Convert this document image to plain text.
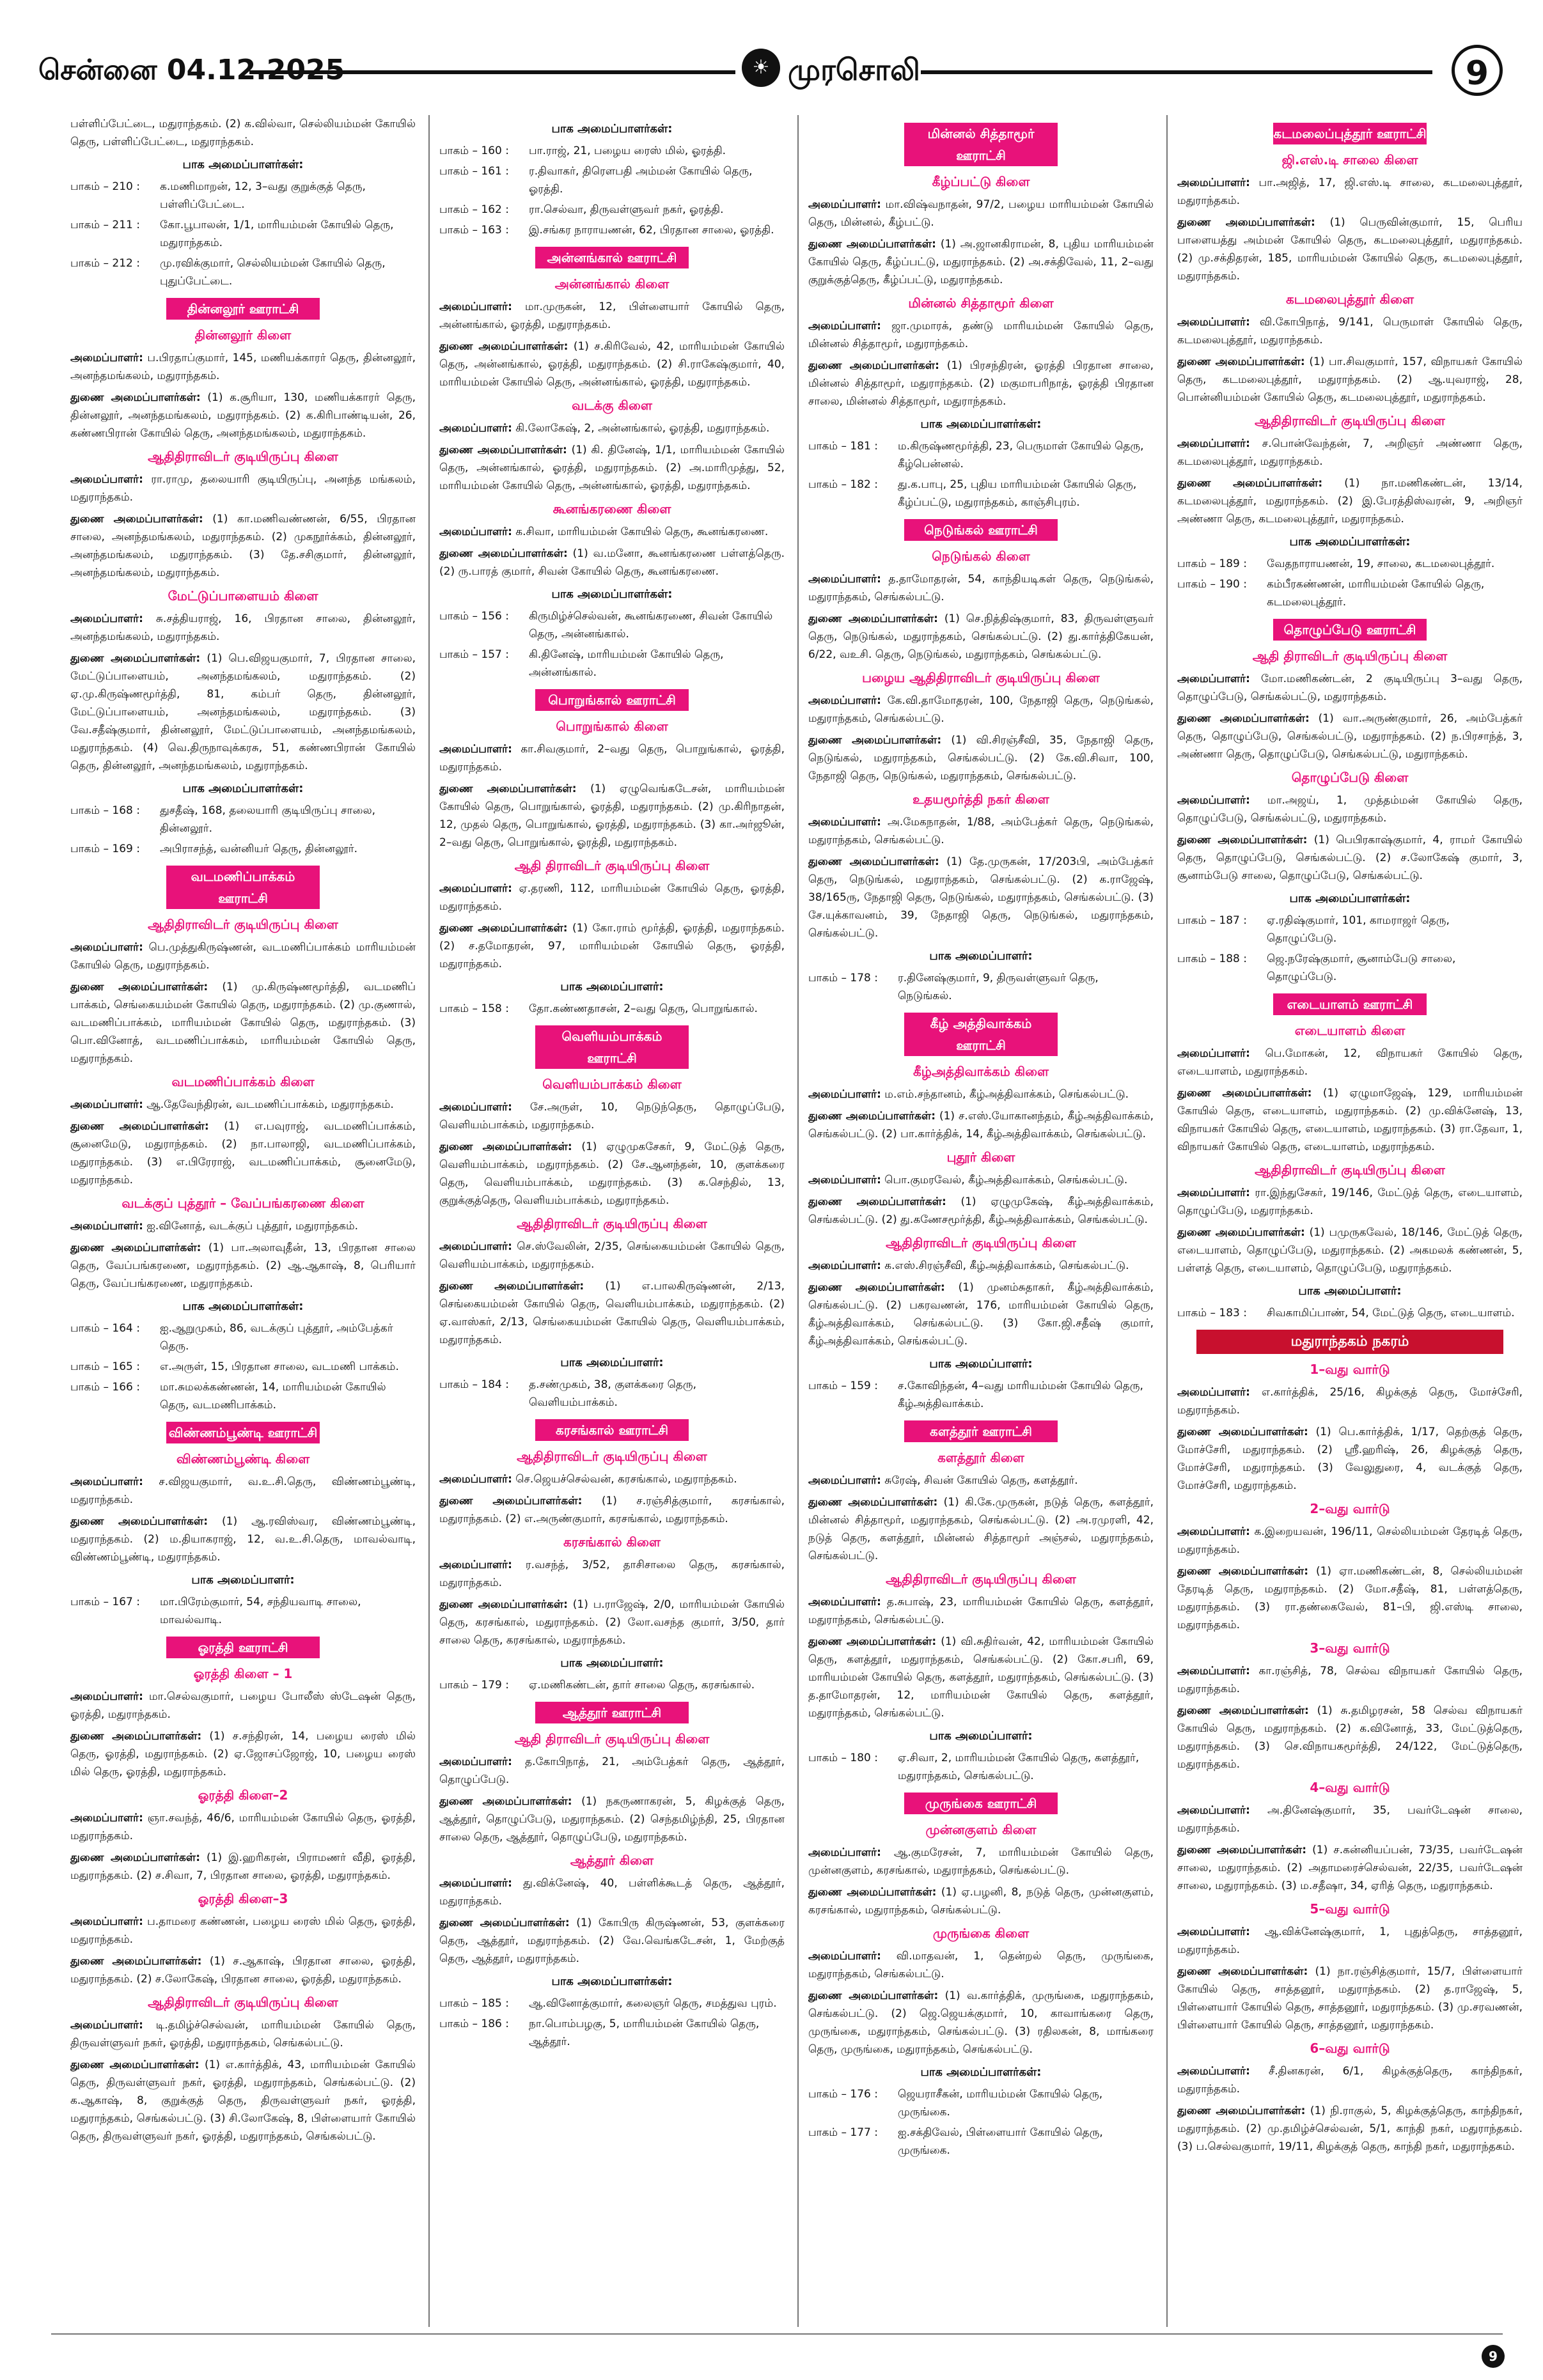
சென்னை 04.12.2025	☀ முரசொலி	9

பள்ளிப்பேட்டை, மதுராந்தகம். (2) க.வில்வா, செல்லியம்மன் கோயில் தெரு, பள்ளிப்பேட்டை, மதுராந்தகம்.

பாக அமைப்பாளர்கள்:
பாகம் – 210 :	க.மணிமாறன், 12, 3–வது குறுக்குத் தெரு, பள்ளிப்பேட்டை.
பாகம் – 211 :	கோ.பூபாலன், 1/1, மாரியம்மன் கோயில் தெரு, மதுராந்தகம்.
பாகம் – 212 :	மு.ரவிக்குமார், செல்லியம்மன் கோயில் தெரு, புதுப்பேட்டை.
தின்னலூர் ஊராட்சி
தின்னலூர் கிளை

அமைப்பாளர்: ப.பிரதாப்குமார், 145, மணியக்காரர் தெரு, தின்னலூர், அனந்தமங்கலம், மதுராந்தகம்.

துணை அமைப்பாளர்கள்: (1) க.சூரியா, 130, மணியக்காரர் தெரு, தின்னலூர், அனந்தமங்கலம், மதுராந்தகம். (2) க.கிரிபாண்டியன், 26, கண்ணபிரான் கோயில் தெரு, அனந்தமங்கலம், மதுராந்தகம்.

ஆதிதிராவிடர் குடியிருப்பு கிளை

அமைப்பாளர்: ரா.ராமு, தலையாரி குடியிருப்பு, அனந்த மங்கலம், மதுராந்தகம்.

துணை அமைப்பாளர்கள்: (1) கா.மணிவண்ணன், 6/55, பிரதான சாலை, அனந்தமங்கலம், மதுராந்தகம். (2) முகநூர்க்கம், தின்னலூர், அனந்தமங்கலம், மதுராந்தகம். (3) தே.சசிகுமார், தின்னலூர், அனந்தமங்கலம், மதுராந்தகம்.

மேட்டுப்பாளையம் கிளை

அமைப்பாளர்: சு.சத்தியராஜ், 16, பிரதான சாலை, தின்னலூர், அனந்தமங்கலம், மதுராந்தகம்.

துணை அமைப்பாளர்கள்: (1) பெ.விஜயகுமார், 7, பிரதான சாலை, மேட்டுப்பாளையம், அனந்தமங்கலம், மதுராந்தகம். (2) ஏ.மு.கிருஷ்ணமூர்த்தி, 81, கம்பர் தெரு, தின்னலூர், மேட்டுப்பாளையம், அனந்தமங்கலம், மதுராந்தகம். (3) வே.சதீஷ்குமார், தின்னலூர், மேட்டுப்பாளையம், அனந்தமங்கலம், மதுராந்தகம். (4) வெ.திருநாவுக்கரசு, 51, கண்ணபிரான் கோயில் தெரு, தின்னலூர், அனந்தமங்கலம், மதுராந்தகம்.

பாக அமைப்பாளர்கள்:
பாகம் – 168 :	துசதீஷ், 168, தலையாரி குடியிருப்பு சாலை, தின்னலூர்.
பாகம் – 169 :	அபிராசந்த், வன்னியர் தெரு, தின்னலூர்.
வடமணிப்பாக்கம் ஊராட்சி
ஆதிதிராவிடர் குடியிருப்பு கிளை

அமைப்பாளர்: பெ.முத்துகிருஷ்ணன், வடமணிப்பாக்கம் மாரியம்மன் கோயில் தெரு, மதுராந்தகம்.

துணை அமைப்பாளர்கள்: (1) மு.கிருஷ்ணமூர்த்தி, வடமணிப் பாக்கம், செங்கையம்மன் கோயில் தெரு, மதுராந்தகம். (2) மு.குணால், வடமணிப்பாக்கம், மாரியம்மன் கோயில் தெரு, மதுராந்தகம். (3) பொ.வினோத், வடமணிப்பாக்கம், மாரியம்மன் கோயில் தெரு, மதுராந்தகம்.

வடமணிப்பாக்கம் கிளை

அமைப்பாளர்: ஆ.தேவேந்திரன், வடமணிப்பாக்கம், மதுராந்தகம்.

துணை அமைப்பாளர்கள்: (1) எ.பவுராஜ், வடமணிப்பாக்கம், சூனைமேடு, மதுராந்தகம். (2) நா.பாலாஜி, வடமணிப்பாக்கம், மதுராந்தகம். (3) எ.பிரேராஜ், வடமணிப்பாக்கம், சூனைமேடு, மதுராந்தகம்.

வடக்குப் புத்தூர் – வேப்பங்கரணை கிளை

அமைப்பாளர்: ஐ.வினோத், வடக்குப் புத்தூர், மதுராந்தகம்.

துணை அமைப்பாளர்கள்: (1) பா.அலாவுதீன், 13, பிரதான சாலை தெரு, வேப்பங்கரணை, மதுராந்தகம். (2) ஆ.ஆகாஷ், 8, பெரியார் தெரு, வேப்பங்கரணை, மதுராந்தகம்.

பாக அமைப்பாளர்கள்:
பாகம் – 164 :	ஐ.ஆறுமுகம், 86, வடக்குப் புத்தூர், அம்பேத்கர் தெரு.
பாகம் – 165 :	எ.அருள், 15, பிரதான சாலை, வடமணி பாக்கம்.
பாகம் – 166 :	மா.சுமலக்கண்ணன், 14, மாரியம்மன் கோயில் தெரு, வடமணிபாக்கம்.
விண்ணம்பூண்டி ஊராட்சி
விண்ணம்பூண்டி கிளை

அமைப்பாளர்: ச.விஜயகுமார், வ.உ.சி.தெரு, விண்ணம்பூண்டி, மதுராந்தகம்.

துணை அமைப்பாளர்கள்: (1) ஆ.ரவிஸ்வர, விண்ணம்பூண்டி, மதுராந்தகம். (2) ம.தியாகராஜ், 12, வ.உ.சி.தெரு, மாவல்வாடி, விண்ணம்பூண்டி, மதுராந்தகம்.

பாக அமைப்பாளர்:
பாகம் – 167 :	மா.பிரேம்குமார், 54, சந்தியவாடி சாலை, மாவல்வாடி.
ஓரத்தி ஊராட்சி
ஓரத்தி கிளை – 1

அமைப்பாளர்: மா.செல்வகுமார், பழைய போலீஸ் ஸ்டேஷன் தெரு, ஓரத்தி, மதுராந்தகம்.

துணை அமைப்பாளர்கள்: (1) ச.சந்திரன், 14, பழைய ரைஸ் மில் தெரு, ஓரத்தி, மதுராந்தகம். (2) ஏ.ஜோசப்ஜோஜ், 10, பழைய ரைஸ் மில் தெரு, ஓரத்தி, மதுராந்தகம்.

ஓரத்தி கிளை–2

அமைப்பாளர்: ஞா.சவந்த், 46/6, மாரியம்மன் கோயில் தெரு, ஓரத்தி, மதுராந்தகம்.

துணை அமைப்பாளர்கள்: (1) இ.ஹரிகரன், பிராமணர் வீதி, ஓரத்தி, மதுராந்தகம். (2) ச.சிவா, 7, பிரதான சாலை, ஓரத்தி, மதுராந்தகம்.

ஓரத்தி கிளை–3

அமைப்பாளர்: ப.தாமரை கண்ணன், பழைய ரைஸ் மில் தெரு, ஓரத்தி, மதுராந்தகம்.

துணை அமைப்பாளர்கள்: (1) ச.ஆகாஷ், பிரதான சாலை, ஓரத்தி, மதுராந்தகம். (2) ச.லோகேஷ், பிரதான சாலை, ஓரத்தி, மதுராந்தகம்.

ஆதிதிராவிடர் குடியிருப்பு கிளை

அமைப்பாளர்: டி.தமிழ்ச்செல்வன், மாரியம்மன் கோயில் தெரு, திருவள்ளுவர் நகர், ஓரத்தி, மதுராந்தகம், செங்கல்பட்டு.

துணை அமைப்பாளர்கள்: (1) எ.கார்த்திக், 43, மாரியம்மன் கோயில் தெரு, திருவள்ளுவர் நகர், ஓரத்தி, மதுராந்தகம், செங்கல்பட்டு. (2) க.ஆகாஷ், 8, குறுக்குத் தெரு, திருவள்ளுவர் நகர், ஓரத்தி, மதுராந்தகம், செங்கல்பட்டு. (3) சி.லோகேஷ், 8, பிள்ளையார் கோயில் தெரு, திருவள்ளுவர் நகர், ஓரத்தி, மதுராந்தகம், செங்கல்பட்டு.

பாக அமைப்பாளர்கள்:
பாகம் – 160 :	பா.ராஜ், 21, பழைய ரைஸ் மில், ஓரத்தி.
பாகம் – 161 :	ர.திவாகர், திரௌபதி அம்மன் கோயில் தெரு, ஓரத்தி.
பாகம் – 162 :	ரா.செல்வா, திருவள்ளுவர் நகர், ஓரத்தி.
பாகம் – 163 :	இ.சங்கர நாராயணன், 62, பிரதான சாலை, ஓரத்தி.
அன்னங்கால் ஊராட்சி
அன்னங்கால் கிளை

அமைப்பாளர்: மா.முருகன், 12, பிள்ளையார் கோயில் தெரு, அன்னங்கால், ஓரத்தி, மதுராந்தகம்.

துணை அமைப்பாளர்கள்: (1) ச.கிரிவேல், 42, மாரியம்மன் கோயில் தெரு, அன்னங்கால், ஓரத்தி, மதுராந்தகம். (2) சி.ராகேஷ்குமார், 40, மாரியம்மன் கோயில் தெரு, அன்னங்கால், ஓரத்தி, மதுராந்தகம்.

வடக்கு கிளை

அமைப்பாளர்: கி.லோகேஷ், 2, அன்னங்கால், ஓரத்தி, மதுராந்தகம்.

துணை அமைப்பாளர்கள்: (1) கி. தினேஷ், 1/1, மாரியம்மன் கோயில் தெரு, அன்னங்கால், ஓரத்தி, மதுராந்தகம். (2) அ.மாரிமுத்து, 52, மாரியம்மன் கோயில் தெரு, அன்னங்கால், ஓரத்தி, மதுராந்தகம்.

கூனங்கரணை கிளை

அமைப்பாளர்: க.சிவா, மாரியம்மன் கோயில் தெரு, கூனங்கரணை.

துணை அமைப்பாளர்கள்: (1) வ.மனோ, கூனங்கரணை பள்ளத்தெரு. (2) ரு.பாரத் குமார், சிவன் கோயில் தெரு, கூனங்கரணை.

பாக அமைப்பாளர்கள்:
பாகம் – 156 :	கிருமிழ்ச்செல்வன், கூனங்கரணை, சிவன் கோயில் தெரு, அன்னங்கால்.
பாகம் – 157 :	கி.தினேஷ், மாரியம்மன் கோயில் தெரு, அன்னங்கால்.
பொறுங்கால் ஊராட்சி
பொறுங்கால் கிளை

அமைப்பாளர்: கா.சிவகுமார், 2–வது தெரு, பொறுங்கால், ஓரத்தி, மதுராந்தகம்.

துணை அமைப்பாளர்கள்: (1) ஏழுவெங்கடேசன், மாரியம்மன் கோயில் தெரு, பொறுங்கால், ஓரத்தி, மதுராந்தகம். (2) மு.கிரிநாதன், 12, முதல் தெரு, பொறுங்கால், ஓரத்தி, மதுராந்தகம். (3) கா.அர்ஜூன், 2–வது தெரு, பொறுங்கால், ஓரத்தி, மதுராந்தகம்.

ஆதி திராவிடர் குடியிருப்பு கிளை

அமைப்பாளர்: ஏ.தரணி, 112, மாரியம்மன் கோயில் தெரு, ஓரத்தி, மதுராந்தகம்.

துணை அமைப்பாளர்கள்: (1) கோ.ராம் மூர்த்தி, ஓரத்தி, மதுராந்தகம். (2) ச.தமோதரன், 97, மாரியம்மன் கோயில் தெரு, ஓரத்தி, மதுராந்தகம்.

பாக அமைப்பாளர்:
பாகம் – 158 :	தோ.கண்ணதாசன், 2–வது தெரு, பொறுங்கால்.
வெளியம்பாக்கம் ஊராட்சி
வெளியம்பாக்கம் கிளை

அமைப்பாளர்: சே.அருள், 10, நெடுந்தெரு, தொழுப்பேடு, வெளியம்பாக்கம், மதுராந்தகம்.

துணை அமைப்பாளர்கள்: (1) ஏழுமுகசேகர், 9, மேட்டுத் தெரு, வெளியம்பாக்கம், மதுராந்தகம். (2) சே.ஆனந்தன், 10, குளக்கரை தெரு, வெளியம்பாக்கம், மதுராந்தகம். (3) க.செந்தில், 13, குறுக்குத்தெரு, வெளியம்பாக்கம், மதுராந்தகம்.

ஆதிதிராவிடர் குடியிருப்பு கிளை

அமைப்பாளர்: செ.ஸ்வேலின், 2/35, செங்கையம்மன் கோயில் தெரு, வெளியம்பாக்கம், மதுராந்தகம்.

துணை அமைப்பாளர்கள்: (1) எ.பாலகிருஷ்ணன், 2/13, செங்கையம்மன் கோயில் தெரு, வெளியம்பாக்கம், மதுராந்தகம். (2) ஏ.வாஸ்கர், 2/13, செங்கையம்மன் கோயில் தெரு, வெளியம்பாக்கம், மதுராந்தகம்.

பாக அமைப்பாளர்:
பாகம் – 184 :	த.சண்முகம், 38, குளக்கரை தெரு, வெளியம்பாக்கம்.
கரசங்கால் ஊராட்சி
ஆதிதிராவிடர் குடியிருப்பு கிளை

அமைப்பாளர்: செ.ஜெயச்செல்வன், கரசங்கால், மதுராந்தகம்.

துணை அமைப்பாளர்கள்: (1) ச.ரஞ்சித்குமார், கரசங்கால், மதுராந்தகம். (2) எ.அருண்குமார், கரசங்கால், மதுராந்தகம்.

கரசங்கால் கிளை

அமைப்பாளர்: ர.வசந்த், 3/52, தாசிசாலை தெரு, கரசங்கால், மதுராந்தகம்.

துணை அமைப்பாளர்கள்: (1) ப.ராஜேஷ், 2/0, மாரியம்மன் கோயில் தெரு, கரசங்கால், மதுராந்தகம். (2) லோ.வசந்த குமார், 3/50, தார் சாலை தெரு, கரசங்கால், மதுராந்தகம்.

பாக அமைப்பாளர்:
பாகம் – 179 :	ஏ.மணிகண்டன், தார் சாலை தெரு, கரசங்கால்.
ஆத்தூர் ஊராட்சி
ஆதி திராவிடர் குடியிருப்பு கிளை

அமைப்பாளர்: த.கோபிநாத், 21, அம்பேத்கர் தெரு, ஆத்தூர், தொழுப்பேடு.

துணை அமைப்பாளர்கள்: (1) நகருணாகரன், 5, கிழக்குத் தெரு, ஆத்தூர், தொழுப்பேடு, மதுராந்தகம். (2) செந்தமிழ்ந்தி, 25, பிரதான சாலை தெரு, ஆத்தூர், தொழுப்பேடு, மதுராந்தகம்.

ஆத்தூர் கிளை

அமைப்பாளர்: து.விக்னேஷ், 40, பள்ளிக்கூடத் தெரு, ஆத்தூர், மதுராந்தகம்.

துணை அமைப்பாளர்கள்: (1) கோபிரு கிருஷ்ணன், 53, குளக்கரை தெரு, ஆத்தூர், மதுராந்தகம். (2) வே.வெங்கடேசன், 1, மேற்குத் தெரு, ஆத்தூர், மதுராந்தகம்.

பாக அமைப்பாளர்கள்:
பாகம் – 185 :	ஆ.வினோத்குமார், கலைஞர் தெரு, சமத்துவ புரம்.
பாகம் – 186 :	நா.பொம்பழகு, 5, மாரியம்மன் கோயில் தெரு, ஆத்தூர்.
மின்னல் சித்தாமூர் ஊராட்சி
கீழ்ப்பட்டு கிளை

அமைப்பாளர்: மா.விஷ்வநாதன், 97/2, பழைய மாரியம்மன் கோயில் தெரு, மின்னல், கீழ்பட்டு.

துணை அமைப்பாளர்கள்: (1) அ.ஜானகிராமன், 8, புதிய மாரியம்மன் கோயில் தெரு, கீழ்ப்பட்டு, மதுராந்தகம். (2) அ.சக்திவேல், 11, 2–வது குறுக்குத்தெரு, கீழ்ப்பட்டு, மதுராந்தகம்.

மின்னல் சித்தாமூர் கிளை

அமைப்பாளர்: ஜா.முமாரக், தண்டு மாரியம்மன் கோயில் தெரு, மின்னல் சித்தாமூர், மதுராந்தகம்.

துணை அமைப்பாளர்கள்: (1) பிரசந்திரன், ஓரத்தி பிரதான சாலை, மின்னல் சித்தாமூர், மதுராந்தகம். (2) மகுமாபரிநாத், ஓரத்தி பிரதான சாலை, மின்னல் சித்தாமூர், மதுராந்தகம்.

பாக அமைப்பாளர்கள்:
பாகம் – 181 :	ம.கிருஷ்ணமூர்த்தி, 23, பெருமாள் கோயில் தெரு, கீழ்பென்னல்.
பாகம் – 182 :	து.க.பாபு, 25, புதிய மாரியம்மன் கோயில் தெரு, கீழ்ப்பட்டு, மதுராந்தகம், காஞ்சிபுரம்.
நெடுங்கல் ஊராட்சி
நெடுங்கல் கிளை

அமைப்பாளர்: த.தாமோதரன், 54, காந்தியடிகள் தெரு, நெடுங்கல், மதுராந்தகம், செங்கல்பட்டு.

துணை அமைப்பாளர்கள்: (1) செ.நித்திஷ்குமார், 83, திருவள்ளுவர் தெரு, நெடுங்கல், மதுராந்தகம், செங்கல்பட்டு. (2) து.கார்த்திகேயன், 6/22, வஉசி. தெரு, நெடுங்கல், மதுராந்தகம், செங்கல்பட்டு.

பழைய ஆதிதிராவிடர் குடியிருப்பு கிளை

அமைப்பாளர்: கே.வி.தாமோதரன், 100, நேதாஜி தெரு, நெடுங்கல், மதுராந்தகம், செங்கல்பட்டு.

துணை அமைப்பாளர்கள்: (1) வி.சிரஞ்சீவி, 35, நேதாஜி தெரு, நெடுங்கல், மதுராந்தகம், செங்கல்பட்டு. (2) கே.வி.சிவா, 100, நேதாஜி தெரு, நெடுங்கல், மதுராந்தகம், செங்கல்பட்டு.

உதயமூர்த்தி நகர் கிளை

அமைப்பாளர்: அ.மேகநாதன், 1/88, அம்பேத்கர் தெரு, நெடுங்கல், மதுராந்தகம், செங்கல்பட்டு.

துணை அமைப்பாளர்கள்: (1) தே.முருகன், 17/203பி, அம்பேத்கர் தெரு, நெடுங்கல், மதுராந்தகம், செங்கல்பட்டு. (2) க.ராஜேஷ், 38/165ரு, நேதாஜி தெரு, நெடுங்கல், மதுராந்தகம், செங்கல்பட்டு. (3) சே.யுக்காவனம், 39, நேதாஜி தெரு, நெடுங்கல், மதுராந்தகம், செங்கல்பட்டு.

பாக அமைப்பாளர்:
பாகம் – 178 :	ர.தினேஷ்குமார், 9, திருவள்ளுவர் தெரு, நெடுங்கல்.
கீழ் அத்திவாக்கம் ஊராட்சி
கீழ்அத்திவாக்கம் கிளை

அமைப்பாளர்: ம.எம்.சந்தானம், கீழ்அத்திவாக்கம், செங்கல்பட்டு.

துணை அமைப்பாளர்கள்: (1) ச.எஸ்.யோகானந்தம், கீழ்அத்திவாக்கம், செங்கல்பட்டு. (2) பா.கார்த்திக், 14, கீழ்அத்திவாக்கம், செங்கல்பட்டு.

புதூர் கிளை

அமைப்பாளர்: பொ.குமரவேல், கீழ்அத்திவாக்கம், செங்கல்பட்டு.

துணை அமைப்பாளர்கள்: (1) ஏழுமுகேஷ், கீழ்அத்திவாக்கம், செங்கல்பட்டு. (2) து.கணேசமூர்த்தி, கீழ்அத்திவாக்கம், செங்கல்பட்டு.

ஆதிதிராவிடர் குடியிருப்பு கிளை

அமைப்பாளர்: க.எஸ்.சிரஞ்சீவி, கீழ்அத்திவாக்கம், செங்கல்பட்டு.

துணை அமைப்பாளர்கள்: (1) முனம்சுதாகர், கீழ்அத்திவாக்கம், செங்கல்பட்டு. (2) பகரவணன், 176, மாரியம்மன் கோயில் தெரு, கீழ்அத்திவாக்கம், செங்கல்பட்டு. (3) கோ.ஜி.சதீஷ் குமார், கீழ்அத்திவாக்கம், செங்கல்பட்டு.

பாக அமைப்பாளர்:
பாகம் – 159 :	ச.கோவிந்தன், 4–வது மாரியம்மன் கோயில் தெரு, கீழ்அத்திவாக்கம்.
களத்தூர் ஊராட்சி
களத்தூர் கிளை

அமைப்பாளர்: சுரேஷ், சிவன் கோயில் தெரு, களத்தூர்.

துணை அமைப்பாளர்கள்: (1) கி.கே.முருகன், நடுத் தெரு, களத்தூர், மின்னல் சித்தாமூர், மதுராந்தகம், செங்கல்பட்டு. (2) அ.ரமுரளி, 42, நடுத் தெரு, களத்தூர், மின்னல் சித்தாமூர் அஞ்சல், மதுராந்தகம், செங்கல்பட்டு.

ஆதிதிராவிடர் குடியிருப்பு கிளை

அமைப்பாளர்: த.சுபாஷ், 23, மாரியம்மன் கோயில் தெரு, களத்தூர், மதுராந்தகம், செங்கல்பட்டு.

துணை அமைப்பாளர்கள்: (1) வி.சுதிர்வன், 42, மாரியம்மன் கோயில் தெரு, களத்தூர், மதுராந்தகம், செங்கல்பட்டு. (2) கோ.சபரி, 69, மாரியம்மன் கோயில் தெரு, களத்தூர், மதுராந்தகம், செங்கல்பட்டு. (3) த.தாமோதரன், 12, மாரியம்மன் கோயில் தெரு, களத்தூர், மதுராந்தகம், செங்கல்பட்டு.

பாக அமைப்பாளர்:
பாகம் – 180 :	ஏ.சிவா, 2, மாரியம்மன் கோயில் தெரு, களத்தூர், மதுராந்தகம், செங்கல்பட்டு.
முருங்கை ஊராட்சி
முன்னகுளம் கிளை

அமைப்பாளர்: ஆ.குமரேசன், 7, மாரியம்மன் கோயில் தெரு, முன்னகுளம், கரசங்கால், மதுராந்தகம், செங்கல்பட்டு.

துணை அமைப்பாளர்கள்: (1) ஏ.பழனி, 8, நடுத் தெரு, முன்னகுளம், கரசங்கால், மதுராந்தகம், செங்கல்பட்டு.

முருங்கை கிளை

அமைப்பாளர்: வி.மாதவன், 1, தென்றல் தெரு, முருங்கை, மதுராந்தகம், செங்கல்பட்டு.

துணை அமைப்பாளர்கள்: (1) வ.கார்த்திக், முருங்கை, மதுராந்தகம், செங்கல்பட்டு. (2) ஜெ.ஜெயக்குமார், 10, காவாங்கரை தெரு, முருங்கை, மதுராந்தகம், செங்கல்பட்டு. (3) ரதிலகன், 8, மாங்கரை தெரு, முருங்கை, மதுராந்தகம், செங்கல்பட்டு.

பாக அமைப்பாளர்கள்:
பாகம் – 176 :	ஜெயராசீகன், மாரியம்மன் கோயில் தெரு, முருங்கை.
பாகம் – 177 :	ஐ.சக்திவேல், பிள்ளையார் கோயில் தெரு, முருங்கை.
கடமலைப்புத்தூர் ஊராட்சி
ஜி.எஸ்.டி சாலை கிளை

அமைப்பாளர்: பா.அஜித், 17, ஜி.எஸ்.டி சாலை, கடமலைபுத்தூர், மதுராந்தகம்.

துணை அமைப்பாளர்கள்: (1) பெருவின்குமார், 15, பெரிய பாளையத்து அம்மன் கோயில் தெரு, கடமலைபுத்தூர், மதுராந்தகம். (2) மு.சக்திதரன், 185, மாரியம்மன் கோயில் தெரு, கடமலைபுத்தூர், மதுராந்தகம்.

கடமலைபுத்தூர் கிளை

அமைப்பாளர்: வி.கோபிநாத், 9/141, பெருமாள் கோயில் தெரு, கடமலைபுத்தூர், மதுராந்தகம்.

துணை அமைப்பாளர்கள்: (1) பா.சிவகுமார், 157, விநாயகர் கோயில் தெரு, கடமலைபுத்தூர், மதுராந்தகம். (2) ஆ.யுவராஜ், 28, பொன்னியம்மன் கோயில் தெரு, கடமலைபுத்தூர், மதுராந்தகம்.

ஆதிதிராவிடர் குடியிருப்பு கிளை

அமைப்பாளர்: ச.பொன்வேந்தன், 7, அறிஞர் அண்ணா தெரு, கடமலைபுத்தூர், மதுராந்தகம்.

துணை அமைப்பாளர்கள்: (1) நா.மணிகண்டன், 13/14, கடமலைபுத்தூர், மதுராந்தகம். (2) இ.பேரத்திஸ்வரன், 9, அறிஞர் அண்ணா தெரு, கடமலைபுத்தூர், மதுராந்தகம்.

பாக அமைப்பாளர்கள்:
பாகம் – 189 :	வேதநாராயணன், 19, சாலை, கடமலைபுத்தூர்.
பாகம் – 190 :	கம்பீரகண்ணன், மாரியம்மன் கோயில் தெரு, கடமலைபுத்தூர்.
தொழுப்பேடு ஊராட்சி
ஆதி திராவிடர் குடியிருப்பு கிளை

அமைப்பாளர்: மோ.மணிகண்டன், 2 குடியிருப்பு 3–வது தெரு, தொழுப்பேடு, செங்கல்பட்டு, மதுராந்தகம்.

துணை அமைப்பாளர்கள்: (1) வா.அருண்குமார், 26, அம்பேத்கர் தெரு, தொழுப்பேடு, செங்கல்பட்டு, மதுராந்தகம். (2) ந.பிரசாந்த், 3, அண்ணா தெரு, தொழுப்பேடு, செங்கல்பட்டு, மதுராந்தகம்.

தொழுப்பேடு கிளை

அமைப்பாளர்: மா.அஜய், 1, முத்தம்மன் கோயில் தெரு, தொழுப்பேடு, செங்கல்பட்டு, மதுராந்தகம்.

துணை அமைப்பாளர்கள்: (1) பெபிரகாஷ்குமார், 4, ராமர் கோயில் தெரு, தொழுப்பேடு, செங்கல்பட்டு. (2) ச.லோகேஷ் குமார், 3, சூனாம்பேடு சாலை, தொழுப்பேடு, செங்கல்பட்டு.

பாக அமைப்பாளர்கள்:
பாகம் – 187 :	ஏ.ரதிஷ்குமார், 101, காமராஜர் தெரு, தொழுப்பேடு.
பாகம் – 188 :	ஜெ.நரேஷ்குமார், சூனாம்பேடு சாலை, தொழுப்பேடு.
எடையாளம் ஊராட்சி
எடையாளம் கிளை

அமைப்பாளர்: பெ.மோகன், 12, விநாயகர் கோயில் தெரு, எடையாளம், மதுராந்தகம்.

துணை அமைப்பாளர்கள்: (1) ஏழுமாஜேஷ், 129, மாரியம்மன் கோயில் தெரு, எடையாளம், மதுராந்தகம். (2) மு.விக்னேஷ், 13, விநாயகர் கோயில் தெரு, எடையாளம், மதுராந்தகம். (3) ரா.தேவா, 1, விநாயகர் கோயில் தெரு, எடையாளம், மதுராந்தகம்.

ஆதிதிராவிடர் குடியிருப்பு கிளை

அமைப்பாளர்: ரா.இந்துசேகர், 19/146, மேட்டுத் தெரு, எடையாளம், தொழுப்பேடு, மதுராந்தகம்.

துணை அமைப்பாளர்கள்: (1) பமுருகவேல், 18/146, மேட்டுத் தெரு, எடையாளம், தொழுப்பேடு, மதுராந்தகம். (2) அகமலக் கண்ணன், 5, பள்ளத் தெரு, எடையாளம், தொழுப்பேடு, மதுராந்தகம்.

பாக அமைப்பாளர்:
பாகம் – 183 :	சிவகாமிப்பாண், 54, மேட்டுத் தெரு, எடையாளம்.
மதுராந்தகம் நகரம்
1–வது வார்டு

அமைப்பாளர்: எ.கார்த்திக், 25/16, கிழக்குத் தெரு, மோச்சேரி, மதுராந்தகம்.

துணை அமைப்பாளர்கள்: (1) பெ.கார்த்திக், 1/17, தெற்குத் தெரு, மோச்சேரி, மதுராந்தகம். (2) ஸ்ரீ.ஹரிஷ், 26, கிழக்குத் தெரு, மோச்சேரி, மதுராந்தகம். (3) வேலுதுரை, 4, வடக்குத் தெரு, மோச்சேரி, மதுராந்தகம்.

2–வது வார்டு

அமைப்பாளர்: க.இறையவன், 196/11, செல்லியம்மன் தேரடித் தெரு, மதுராந்தகம்.

துணை அமைப்பாளர்கள்: (1) ஏா.மணிகண்டன், 8, செல்லியம்மன் தேரடித் தெரு, மதுராந்தகம். (2) மோ.சதீஷ், 81, பள்ளத்தெரு, மதுராந்தகம். (3) ரா.தண்கைவேல், 81–பி, ஜி.எஸ்டி சாலை, மதுராந்தகம்.

3–வது வார்டு

அமைப்பாளர்: கா.ரஞ்சித், 78, செல்வ விநாயகர் கோயில் தெரு, மதுராந்தகம்.

துணை அமைப்பாளர்கள்: (1) சு.தமிழரசன், 58 செல்வ விநாயகர் கோயில் தெரு, மதுராந்தகம். (2) க.வினோத், 33, மேட்டுத்தெரு, மதுராந்தகம். (3) செ.விநாயகமூர்த்தி, 24/122, மேட்டுத்தெரு, மதுராந்தகம்.

4–வது வார்டு

அமைப்பாளர்: அ.தினேஷ்குமார், 35, பவர்டேஷன் சாலை, மதுராந்தகம்.

துணை அமைப்பாளர்கள்: (1) ச.கன்னியப்பன், 73/35, பவர்டேஷன் சாலை, மதுராந்தகம். (2) அதாமரைச்செல்வன், 22/35, பவர்டேஷன் சாலை, மதுராந்தகம். (3) ம.சதீஷா, 34, ஏரித் தெரு, மதுராந்தகம்.

5–வது வார்டு

அமைப்பாளர்: ஆ.விக்னேஷ்குமார், 1, புதுத்தெரு, சாத்தனூர், மதுராந்தகம்.

துணை அமைப்பாளர்கள்: (1) நா.ரஞ்சித்குமார், 15/7, பிள்ளையார் கோயில் தெரு, சாத்தனூர், மதுராந்தகம். (2) த.ராஜேஷ், 5, பிள்ளையார் கோயில் தெரு, சாத்தனூர், மதுராந்தகம். (3) மு.சரவணன், பிள்ளையார் கோயில் தெரு, சாத்தனூர், மதுராந்தகம்.

6–வது வார்டு

அமைப்பாளர்: சீ.தினகரன், 6/1, கிழக்குத்தெரு, காந்திநகர், மதுராந்தகம்.

துணை அமைப்பாளர்கள்: (1) நி.ராகுல், 5, கிழக்குத்தெரு, காந்திநகர், மதுராந்தகம். (2) மு.தமிழ்ச்செல்வன், 5/1, காந்தி நகர், மதுராந்தகம். (3) ப.செல்வகுமார், 19/11, கிழக்குத் தெரு, காந்தி நகர், மதுராந்தகம்.

9
